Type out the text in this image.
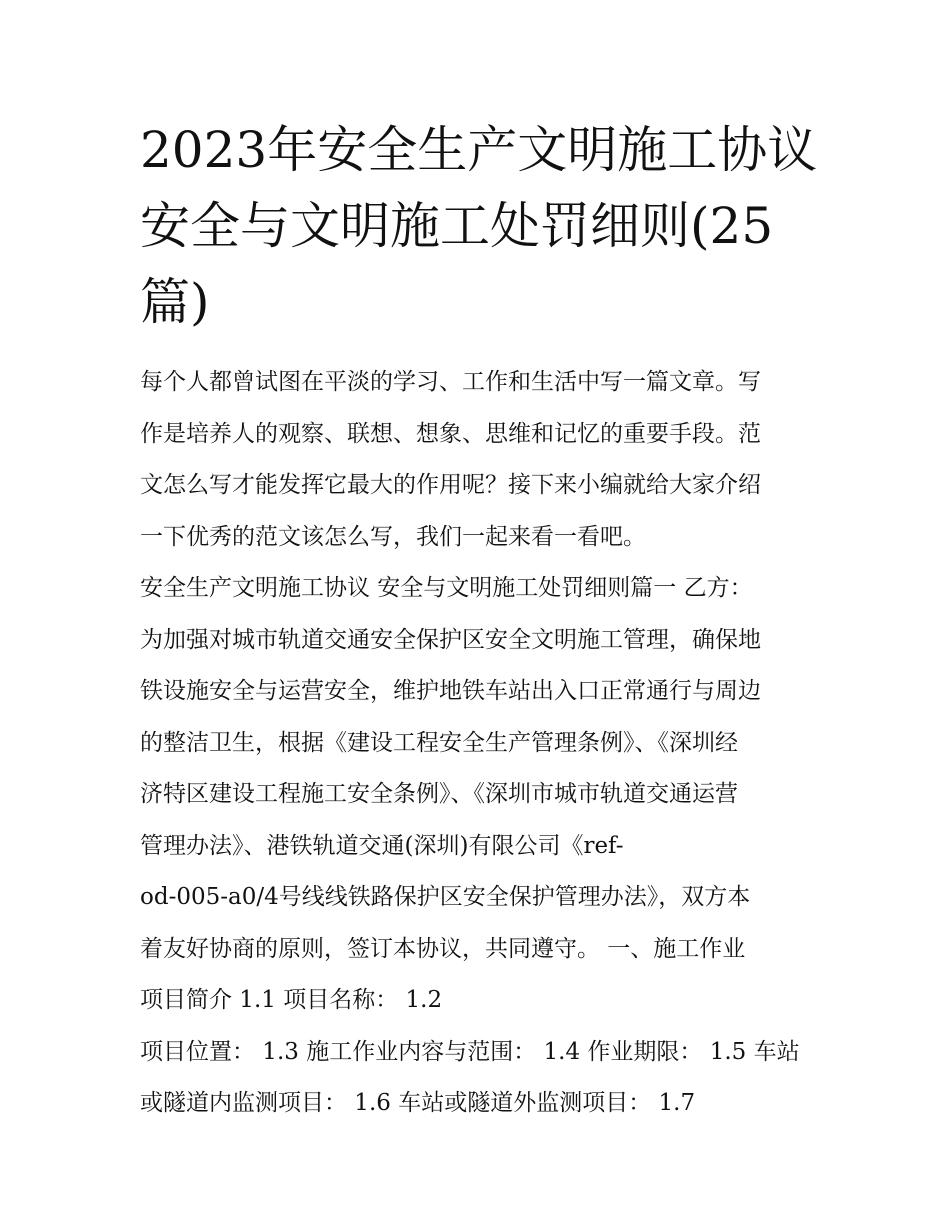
2023年安全生产文明施工协议
安全与文明施工处罚细则(25
篇)
每个人都曾试图在平淡的学习、工作和生活中写一篇文章。写
作是培养人的观察、联想、想象、思维和记忆的重要手段。范
文怎么写才能发挥它最大的作用呢？接下来小编就给大家介绍
一下优秀的范文该怎么写，我们一起来看一看吧。
安全生产文明施工协议 安全与文明施工处罚细则篇一 乙方：
为加强对城市轨道交通安全保护区安全文明施工管理，确保地
铁设施安全与运营安全，维护地铁车站出入口正常通行与周边
的整洁卫生，根据《建设工程安全生产管理条例》、《深圳经
济特区建设工程施工安全条例》、《深圳市城市轨道交通运营
管理办法》、港铁轨道交通(深圳)有限公司《ref-
od-005-a0/4号线线铁路保护区安全保护管理办法》，双方本
着友好协商的原则，签订本协议，共同遵守。 一、施工作业
项目简介 1.1 项目名称： 1.2
项目位置： 1.3 施工作业内容与范围： 1.4 作业期限： 1.5 车站
或隧道内监测项目： 1.6 车站或隧道外监测项目： 1.7
